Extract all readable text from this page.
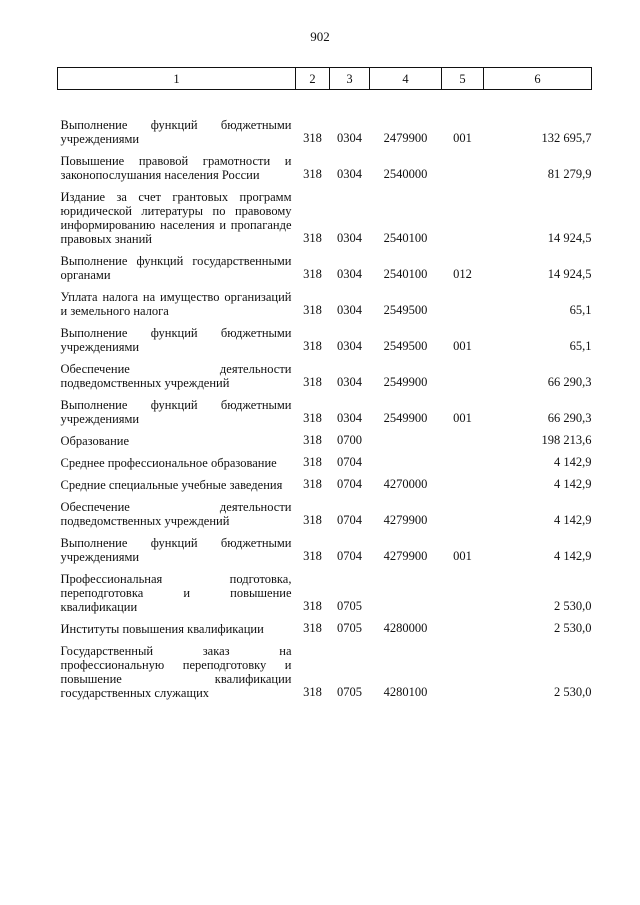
902
1	2	3	4	5	6

Выполнение функций бюджетными учреждениями	318	0304	2479900	001	132 695,7

Повышение правовой грамотности и законопослушания населения России	318	0304	2540000		81 279,9

Издание за счет грантовых программ юридической литературы по правовому информированию населения и пропаганде правовых знаний	318	0304	2540100		14 924,5

Выполнение функций государственными органами	318	0304	2540100	012	14 924,5

Уплата налога на имущество организаций и земельного налога	318	0304	2549500		65,1

Выполнение функций бюджетными учреждениями	318	0304	2549500	001	65,1

Обеспечение деятельности подведомственных учреждений	318	0304	2549900		66 290,3

Выполнение функций бюджетными учреждениями	318	0304	2549900	001	66 290,3

Образование	318	0700			198 213,6

Среднее профессиональное образование	318	0704			4 142,9

Средние специальные учебные заведения	318	0704	4270000		4 142,9

Обеспечение деятельности подведомственных учреждений	318	0704	4279900		4 142,9

Выполнение функций бюджетными учреждениями	318	0704	4279900	001	4 142,9

Профессиональная подготовка, переподготовка и повышение квалификации	318	0705			2 530,0

Институты повышения квалификации	318	0705	4280000		2 530,0

Государственный заказ на профессиональную переподготовку и повышение квалификации государственных служащих	318	0705	4280100		2 530,0
